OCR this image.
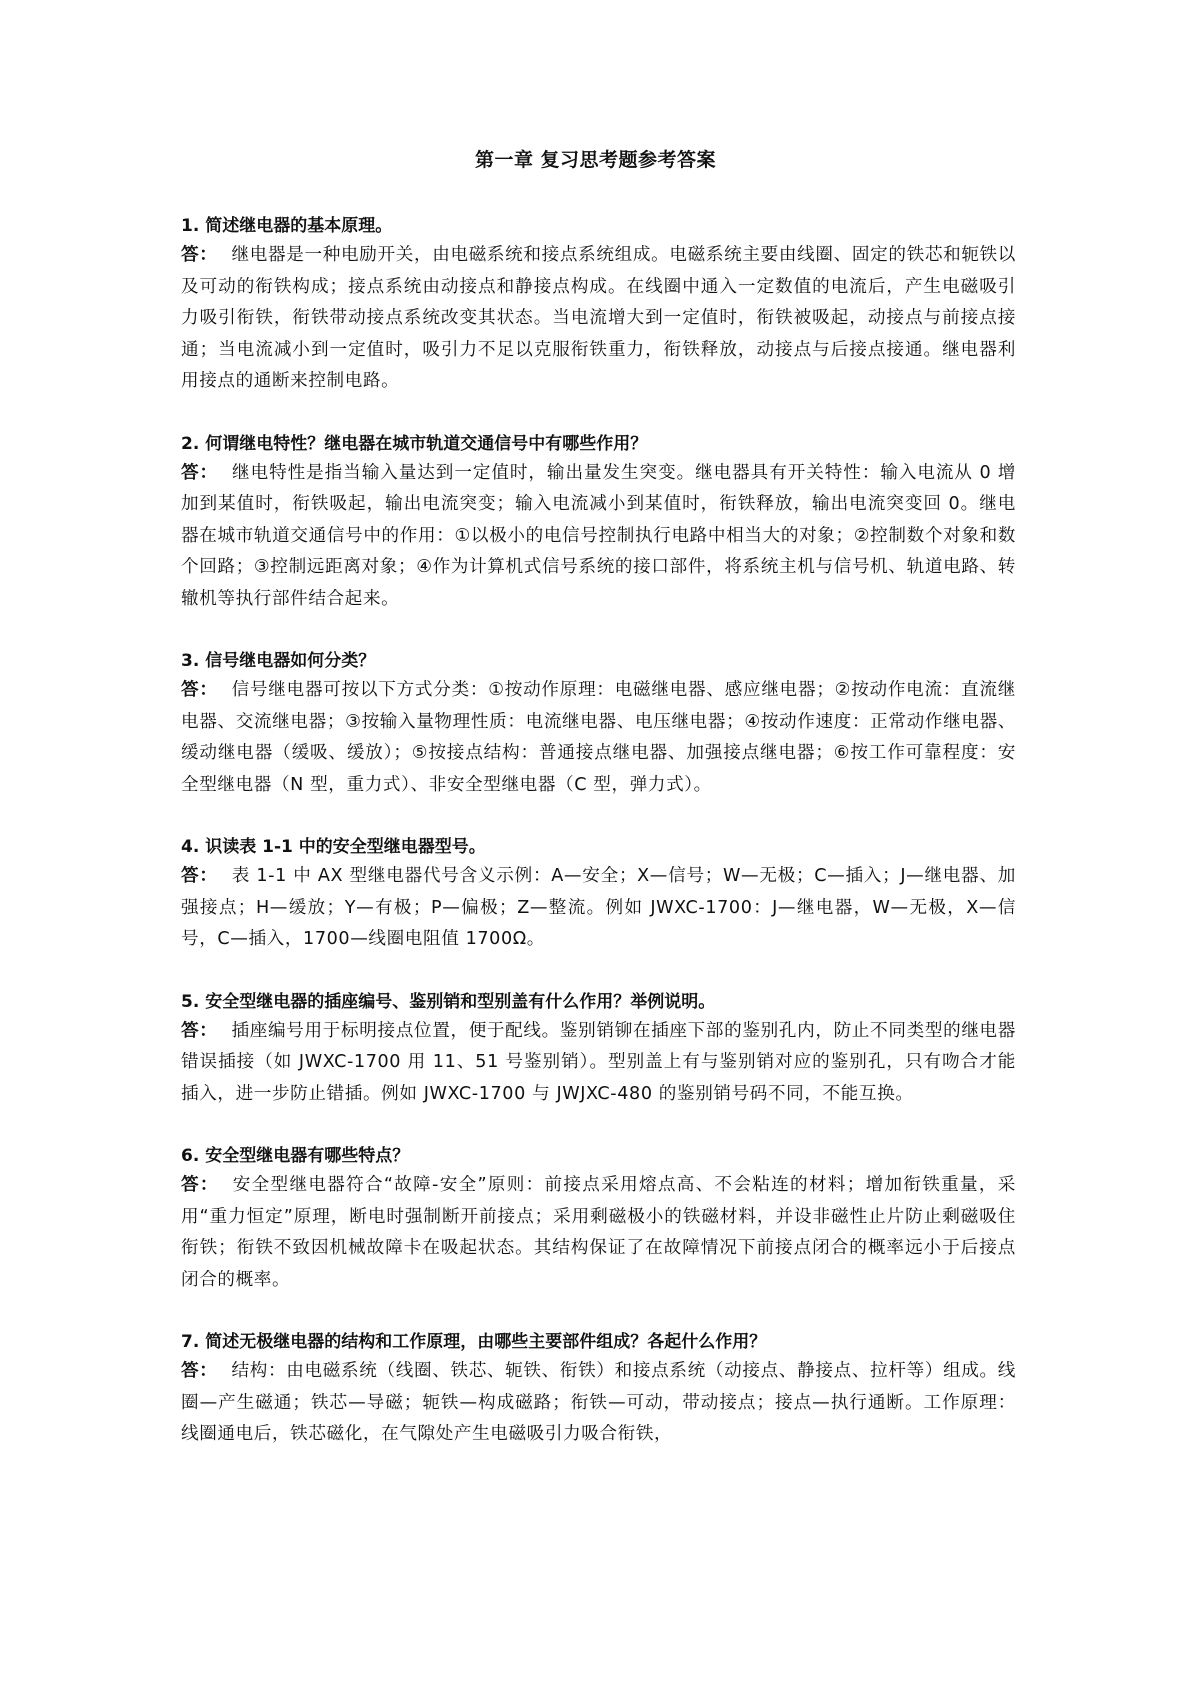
第一章 复习思考题参考答案
1. 简述继电器的基本原理。
答： 继电器是一种电励开关，由电磁系统和接点系统组成。电磁系统主要由线圈、固定的铁芯和轭铁以及可动的衔铁构成；接点系统由动接点和静接点构成。在线圈中通入一定数值的电流后，产生电磁吸引力吸引衔铁，衔铁带动接点系统改变其状态。当电流增大到一定值时，衔铁被吸起，动接点与前接点接通；当电流减小到一定值时，吸引力不足以克服衔铁重力，衔铁释放，动接点与后接点接通。继电器利用接点的通断来控制电路。
2. 何谓继电特性？继电器在城市轨道交通信号中有哪些作用？
答： 继电特性是指当输入量达到一定值时，输出量发生突变。继电器具有开关特性：输入电流从 0 增加到某值时，衔铁吸起，输出电流突变；输入电流减小到某值时，衔铁释放，输出电流突变回 0。继电器在城市轨道交通信号中的作用：①以极小的电信号控制执行电路中相当大的对象；②控制数个对象和数个回路；③控制远距离对象；④作为计算机式信号系统的接口部件，将系统主机与信号机、轨道电路、转辙机等执行部件结合起来。
3. 信号继电器如何分类？
答： 信号继电器可按以下方式分类：①按动作原理：电磁继电器、感应继电器；②按动作电流：直流继电器、交流继电器；③按输入量物理性质：电流继电器、电压继电器；④按动作速度：正常动作继电器、缓动继电器（缓吸、缓放）；⑤按接点结构：普通接点继电器、加强接点继电器；⑥按工作可靠程度：安全型继电器（N 型，重力式）、非安全型继电器（C 型，弹力式）。
4. 识读表 1-1 中的安全型继电器型号。
答： 表 1-1 中 AX 型继电器代号含义示例：A—安全；X—信号；W—无极；C—插入；J—继电器、加强接点；H—缓放；Y—有极；P—偏极；Z—整流。例如 JWXC-1700：J—继电器，W—无极，X—信号，C—插入，1700—线圈电阻值 1700Ω。
5. 安全型继电器的插座编号、鉴别销和型别盖有什么作用？举例说明。
答： 插座编号用于标明接点位置，便于配线。鉴别销铆在插座下部的鉴别孔内，防止不同类型的继电器错误插接（如 JWXC-1700 用 11、51 号鉴别销）。型别盖上有与鉴别销对应的鉴别孔，只有吻合才能插入，进一步防止错插。例如 JWXC-1700 与 JWJXC-480 的鉴别销号码不同，不能互换。
6. 安全型继电器有哪些特点？
答： 安全型继电器符合“故障-安全”原则：前接点采用熔点高、不会粘连的材料；增加衔铁重量，采用“重力恒定”原理，断电时强制断开前接点；采用剩磁极小的铁磁材料，并设非磁性止片防止剩磁吸住衔铁；衔铁不致因机械故障卡在吸起状态。其结构保证了在故障情况下前接点闭合的概率远小于后接点闭合的概率。
7. 简述无极继电器的结构和工作原理，由哪些主要部件组成？各起什么作用？
答： 结构：由电磁系统（线圈、铁芯、轭铁、衔铁）和接点系统（动接点、静接点、拉杆等）组成。线圈—产生磁通；铁芯—导磁；轭铁—构成磁路；衔铁—可动，带动接点；接点—执行通断。工作原理：线圈通电后，铁芯磁化，在气隙处产生电磁吸引力吸合衔铁，
